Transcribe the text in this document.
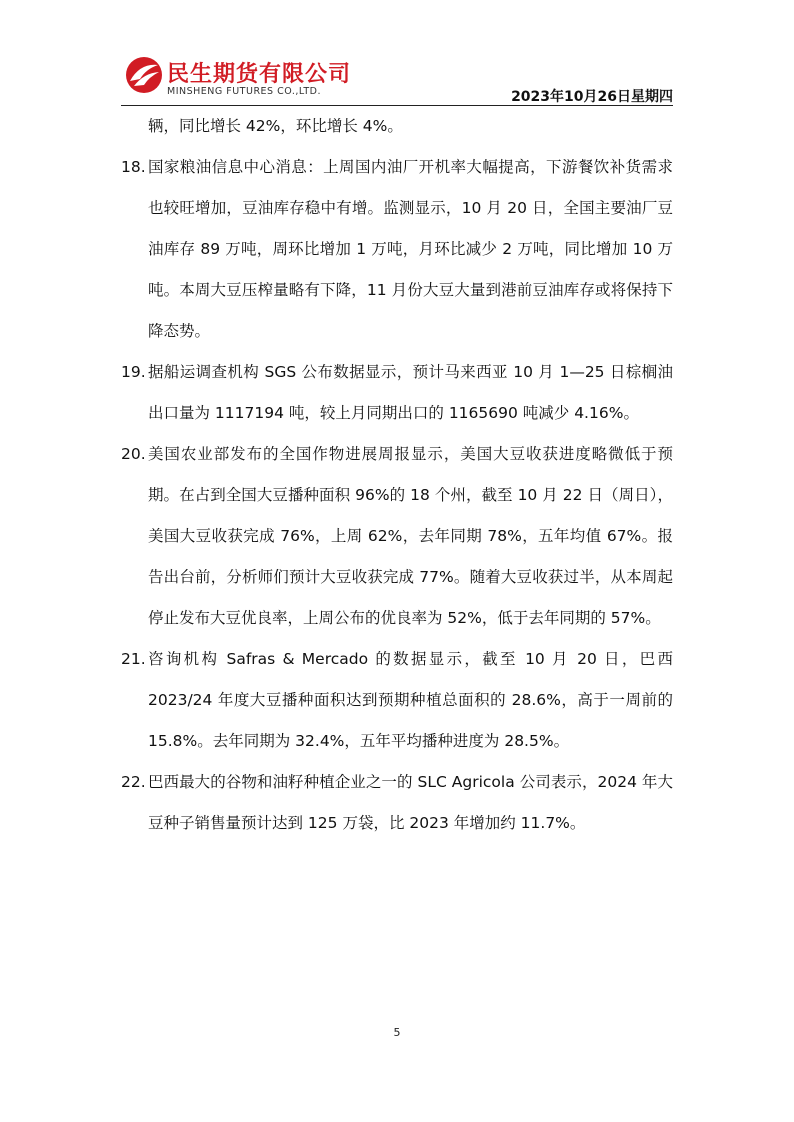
民生期货有限公司
MINSHENG FUTURES CO.,LTD.	2023年10月26日星期四
辆，同比增长 42%，环比增长 4%。
18. 国家粮油信息中心消息：上周国内油厂开机率大幅提高，下游餐饮补货需求也较旺增加，豆油库存稳中有增。监测显示，10 月 20 日，全国主要油厂豆油库存 89 万吨，周环比增加 1 万吨，月环比减少 2 万吨，同比增加 10 万吨。本周大豆压榨量略有下降，11 月份大豆大量到港前豆油库存或将保持下降态势。
19. 据船运调查机构 SGS 公布数据显示，预计马来西亚 10 月 1—25 日棕榈油出口量为 1117194 吨，较上月同期出口的 1165690 吨减少 4.16%。
20. 美国农业部发布的全国作物进展周报显示，美国大豆收获进度略微低于预期。在占到全国大豆播种面积 96%的 18 个州，截至 10 月 22 日（周日），美国大豆收获完成 76%，上周 62%，去年同期 78%，五年均值 67%。报告出台前，分析师们预计大豆收获完成 77%。随着大豆收获过半，从本周起停止发布大豆优良率，上周公布的优良率为 52%，低于去年同期的 57%。
21. 咨询机构 Safras & Mercado 的数据显示，截至 10 月 20 日，巴西 2023/24 年度大豆播种面积达到预期种植总面积的 28.6%，高于一周前的 15.8%。去年同期为 32.4%，五年平均播种进度为 28.5%。
22. 巴西最大的谷物和油籽种植企业之一的 SLC Agricola 公司表示，2024 年大豆种子销售量预计达到 125 万袋，比 2023 年增加约 11.7%。
5
